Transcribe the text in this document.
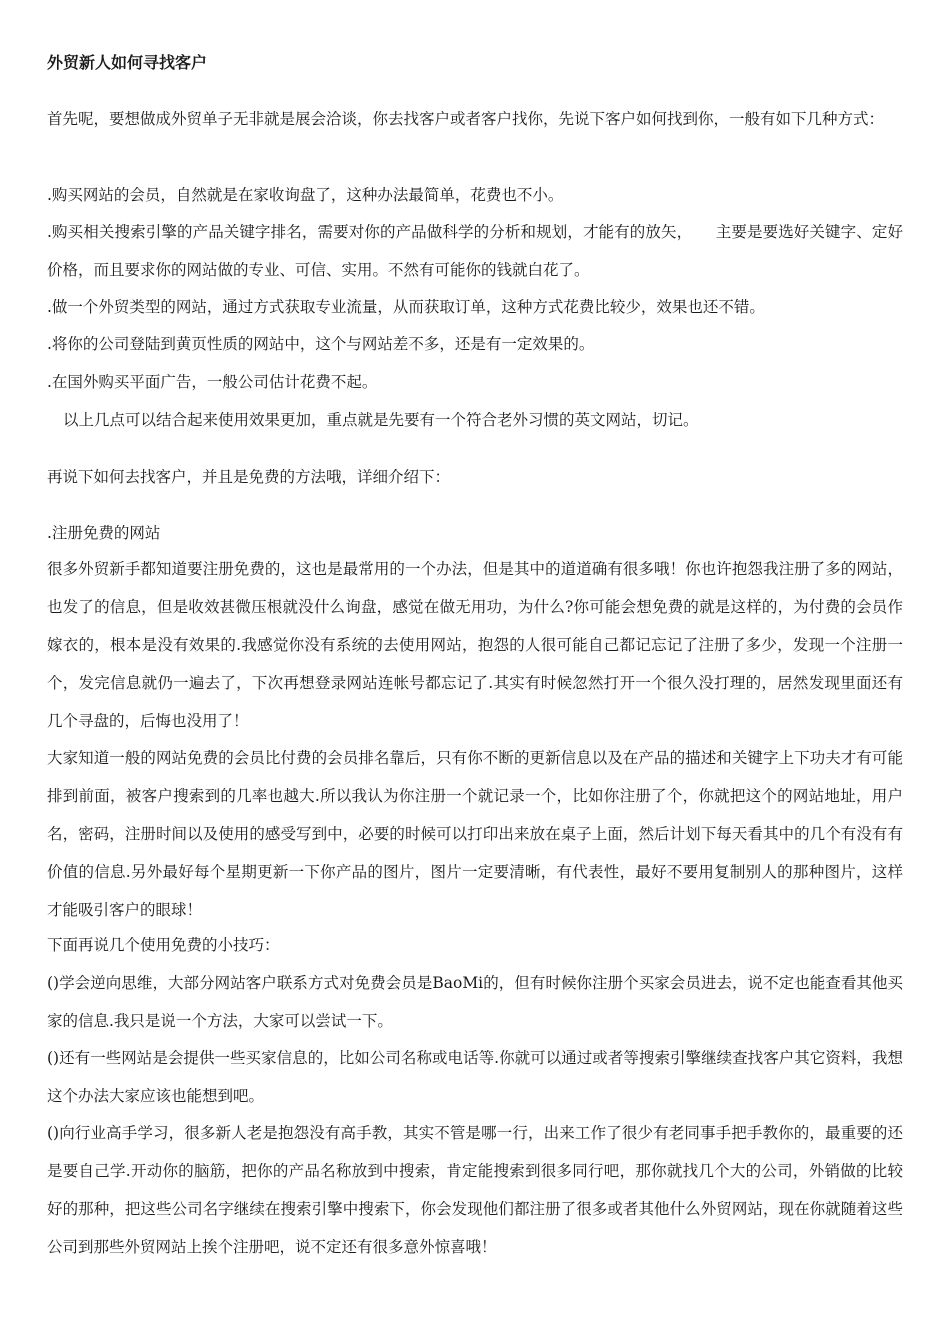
外贸新人如何寻找客户
首先呢，要想做成外贸单子无非就是展会洽谈，你去找客户或者客户找你，先说下客户如何找到你，一般有如下几种方式：
.购买网站的会员，自然就是在家收询盘了，这种办法最简单，花费也不小。
.购买相关搜索引擎的产品关键字排名，需要对你的产品做科学的分析和规划，才能有的放矢，　　主要是要选好关键字、定好价格，而且要求你的网站做的专业、可信、实用。不然有可能你的钱就白花了。
.做一个外贸类型的网站，通过方式获取专业流量，从而获取订单，这种方式花费比较少，效果也还不错。
.将你的公司登陆到黄页性质的网站中，这个与网站差不多，还是有一定效果的。
.在国外购买平面广告，一般公司估计花费不起。
以上几点可以结合起来使用效果更加，重点就是先要有一个符合老外习惯的英文网站，切记。
再说下如何去找客户，并且是免费的方法哦，详细介绍下：
.注册免费的网站
很多外贸新手都知道要注册免费的，这也是最常用的一个办法，但是其中的道道确有很多哦！你也许抱怨我注册了多的网站，也发了的信息，但是收效甚微压根就没什么询盘，感觉在做无用功，为什么?你可能会想免费的就是这样的，为付费的会员作嫁衣的，根本是没有效果的.我感觉你没有系统的去使用网站，抱怨的人很可能自己都记忘记了注册了多少，发现一个注册一个，发完信息就仍一遍去了，下次再想登录网站连帐号都忘记了.其实有时候忽然打开一个很久没打理的，居然发现里面还有几个寻盘的，后悔也没用了！
大家知道一般的网站免费的会员比付费的会员排名靠后，只有你不断的更新信息以及在产品的描述和关键字上下功夫才有可能排到前面，被客户搜索到的几率也越大.所以我认为你注册一个就记录一个，比如你注册了个，你就把这个的网站地址，用户名，密码，注册时间以及使用的感受写到中，必要的时候可以打印出来放在桌子上面，然后计划下每天看其中的几个有没有有价值的信息.另外最好每个星期更新一下你产品的图片，图片一定要清晰，有代表性，最好不要用复制别人的那种图片，这样才能吸引客户的眼球！
下面再说几个使用免费的小技巧：
()学会逆向思维，大部分网站客户联系方式对免费会员是BaoMi的，但有时候你注册个买家会员进去，说不定也能查看其他买家的信息.我只是说一个方法，大家可以尝试一下。
()还有一些网站是会提供一些买家信息的，比如公司名称或电话等.你就可以通过或者等搜索引擎继续查找客户其它资料，我想这个办法大家应该也能想到吧。
()向行业高手学习，很多新人老是抱怨没有高手教，其实不管是哪一行，出来工作了很少有老同事手把手教你的，最重要的还是要自己学.开动你的脑筋，把你的产品名称放到中搜索，肯定能搜索到很多同行吧，那你就找几个大的公司，外销做的比较好的那种，把这些公司名字继续在搜索引擎中搜索下，你会发现他们都注册了很多或者其他什么外贸网站，现在你就随着这些公司到那些外贸网站上挨个注册吧，说不定还有很多意外惊喜哦！
